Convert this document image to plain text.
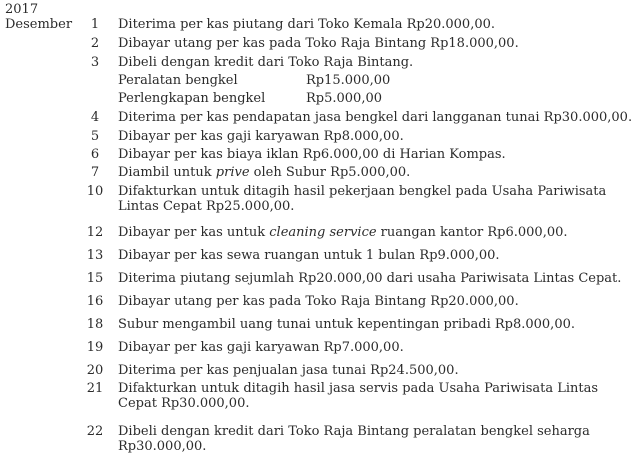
2017

Desember	1	Diterima per kas piutang dari Toko Kemala Rp20.000,00.
2	Dibayar utang per kas pada Toko Raja Bintang Rp18.000,00.
3	Dibeli dengan kredit dari Toko Raja Bintang.

Peralatan bengkel	Rp15.000,00

Perlengkapan bengkel	Rp5.000,00

4	Diterima per kas pendapatan jasa bengkel dari langganan tunai Rp30.000,00.
5	Dibayar per kas gaji karyawan Rp8.000,00.
6	Dibayar per kas biaya iklan Rp6.000,00 di Harian Kompas.
7	Diambil untuk prive oleh Subur Rp5.000,00.
10	Difakturkan untuk ditagih hasil pekerjaan bengkel pada Usaha Pariwisata Lintas Cepat Rp25.000,00.
12	Dibayar per kas untuk cleaning service ruangan kantor Rp6.000,00.
13	Dibayar per kas sewa ruangan untuk 1 bulan Rp9.000,00.
15	Diterima piutang sejumlah Rp20.000,00 dari usaha Pariwisata Lintas Cepat.
16	Dibayar utang per kas pada Toko Raja Bintang Rp20.000,00.
18	Subur mengambil uang tunai untuk kepentingan pribadi Rp8.000,00.
19	Dibayar per kas gaji karyawan Rp7.000,00.
20	Diterima per kas penjualan jasa tunai Rp24.500,00.
21	Difakturkan untuk ditagih hasil jasa servis pada Usaha Pariwisata Lintas Cepat Rp30.000,00.
22	Dibeli dengan kredit dari Toko Raja Bintang peralatan bengkel seharga Rp30.000,00.
